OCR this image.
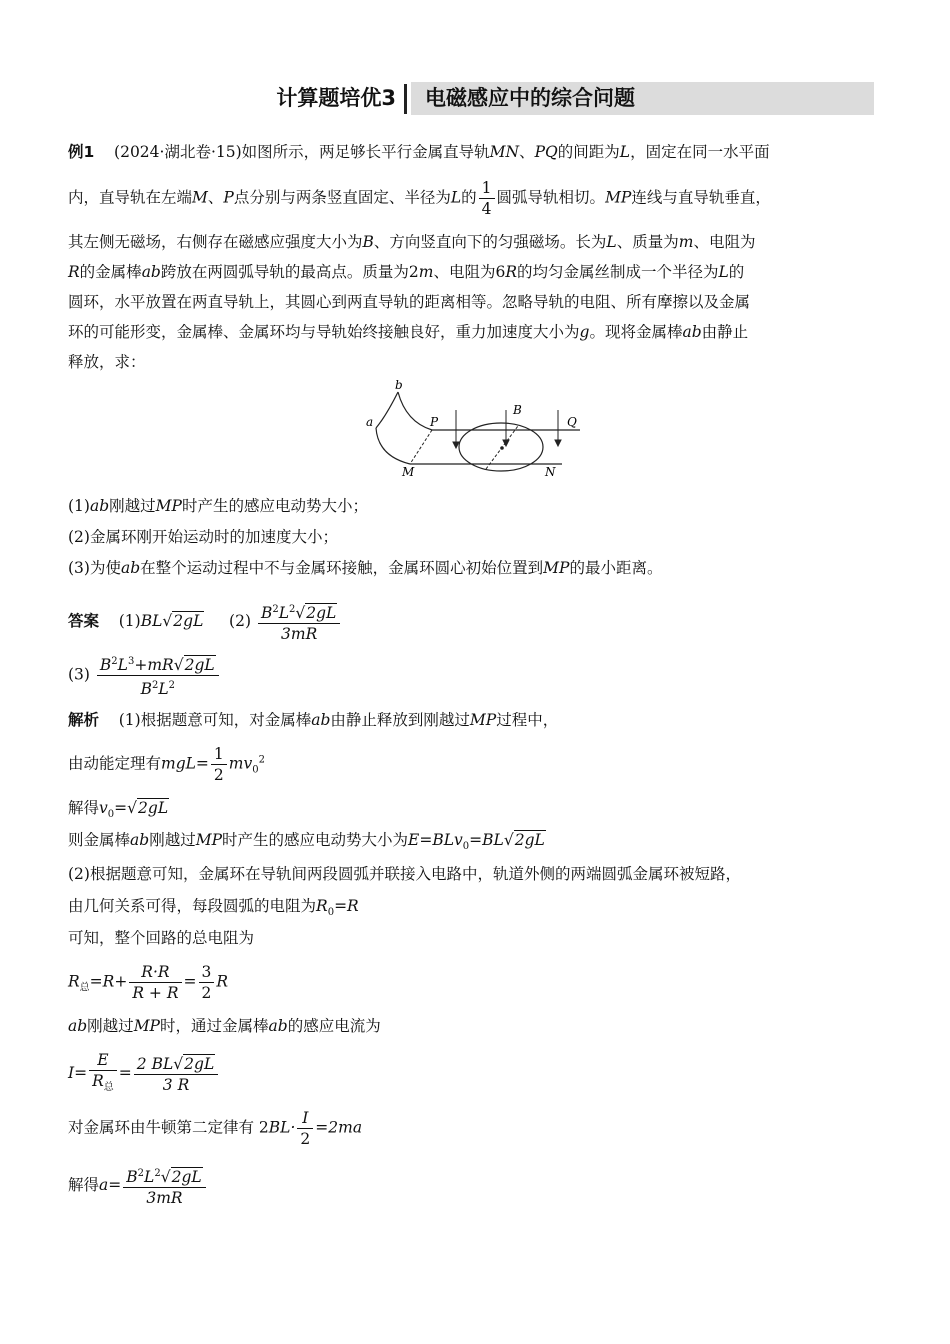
计算题培优3	电磁感应中的综合问题
例1 (2024·湖北卷·15)如图所示，两足够长平行金属直导轨MN、PQ的间距为L，固定在同一水平面
内，直导轨在左端M、P点分别与两条竖直固定、半径为L的 $\frac{1}{4}$ 圆弧导轨相切。MP连线与直导轨垂直，
其左侧无磁场，右侧存在磁感应强度大小为B、方向竖直向下的匀强磁场。长为L、质量为m、电阻为
R的金属棒ab跨放在两圆弧导轨的最高点。质量为2m、电阻为6R的均匀金属丝制成一个半径为L的
圆环，水平放置在两直导轨上，其圆心到两直导轨的距离相等。忽略导轨的电阻、所有摩擦以及金属
环的可能形变，金属棒、金属环均与导轨始终接触良好，重力加速度大小为g。现将金属棒ab由静止
释放，求：
a
b
P
B
Q
M	N
(1)ab刚越过MP时产生的感应电动势大小；
(2)金属环刚开始运动时的加速度大小；
(3)为使ab在整个运动过程中不与金属环接触，金属环圆心初始位置到MP的最小距离。
答案 (1)BL√2gL $(2) \frac{B^2L^2√2gL}{3mR}$
$(3) \frac{B^2L^3+mR√2gL}{B^2L^2}$
解析 (1)根据题意可知，对金属棒ab由静止释放到刚越过MP过程中，
由动能定理有$mgL= \frac{1}{2} mv_0^2$
解得$v_0=√2gL$
则金属棒ab刚越过MP时产生的感应电动势大小为E=BLv$_0$=BL√2gL
(2)根据题意可知，金属环在导轨间两段圆弧并联接入电路中，轨道外侧的两端圆弧金属环被短路，
由几何关系可得，每段圆弧的电阻为$R_0=R$
可知，整个回路的总电阻为
$R_总=R+ \frac{R\cdot R}{R + R} = \frac{3}{2}$ R
ab刚越过MP时，通过金属棒ab的感应电流为
$I= \frac{E}{R_总} = \frac{2 BL√2gL}{3 R}$
对金属环由牛顿第二定律有 $2BL\cdot \frac{I}{2} =2ma$
解得$a= \frac{B^2L^2√2gL}{3mR}$
